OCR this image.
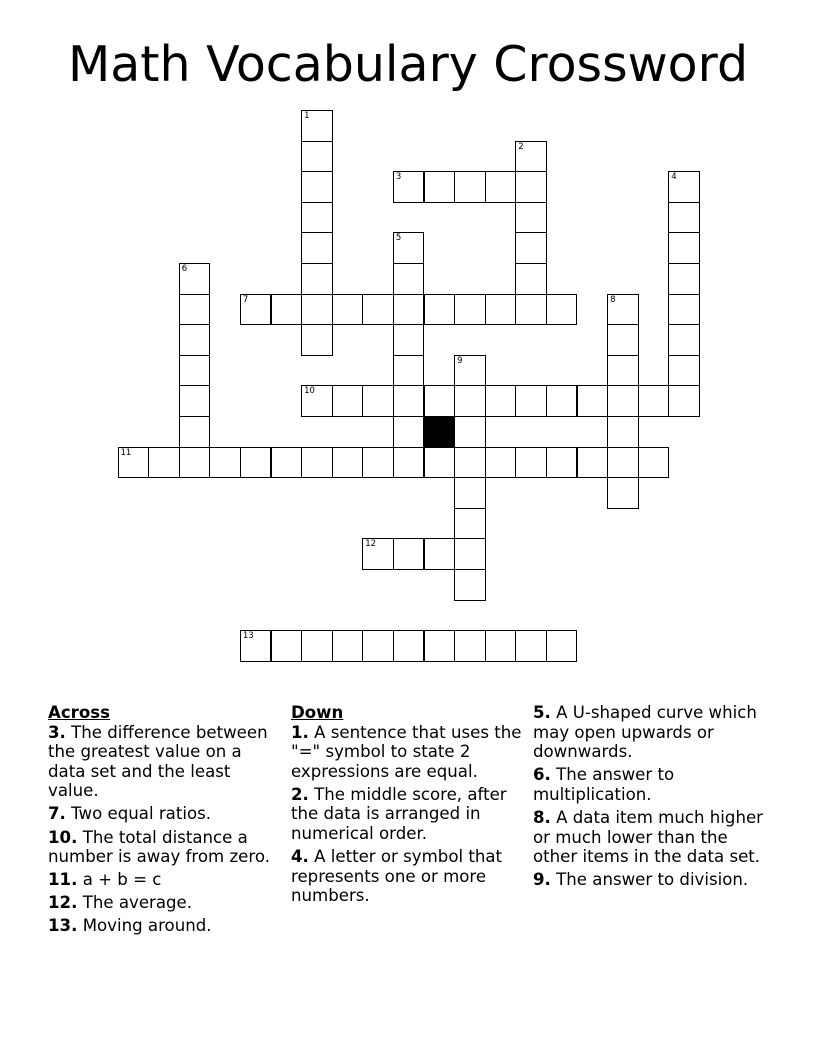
Math Vocabulary Crossword
1
2
3	4
5
6
7	8
9
10
11
12
13
Across
3. The difference between the greatest value on a data set and the least value.
7. Two equal ratios.
10. The total distance a number is away from zero.
11. a + b = c
12. The average.
13. Moving around.
Down
1. A sentence that uses the "=" symbol to state 2 expressions are equal.
2. The middle score, after the data is arranged in numerical order.
4. A letter or symbol that represents one or more numbers.
5. A U-shaped curve which may open upwards or downwards.
6. The answer to multiplication.
8. A data item much higher or much lower than the other items in the data set.
9. The answer to division.
